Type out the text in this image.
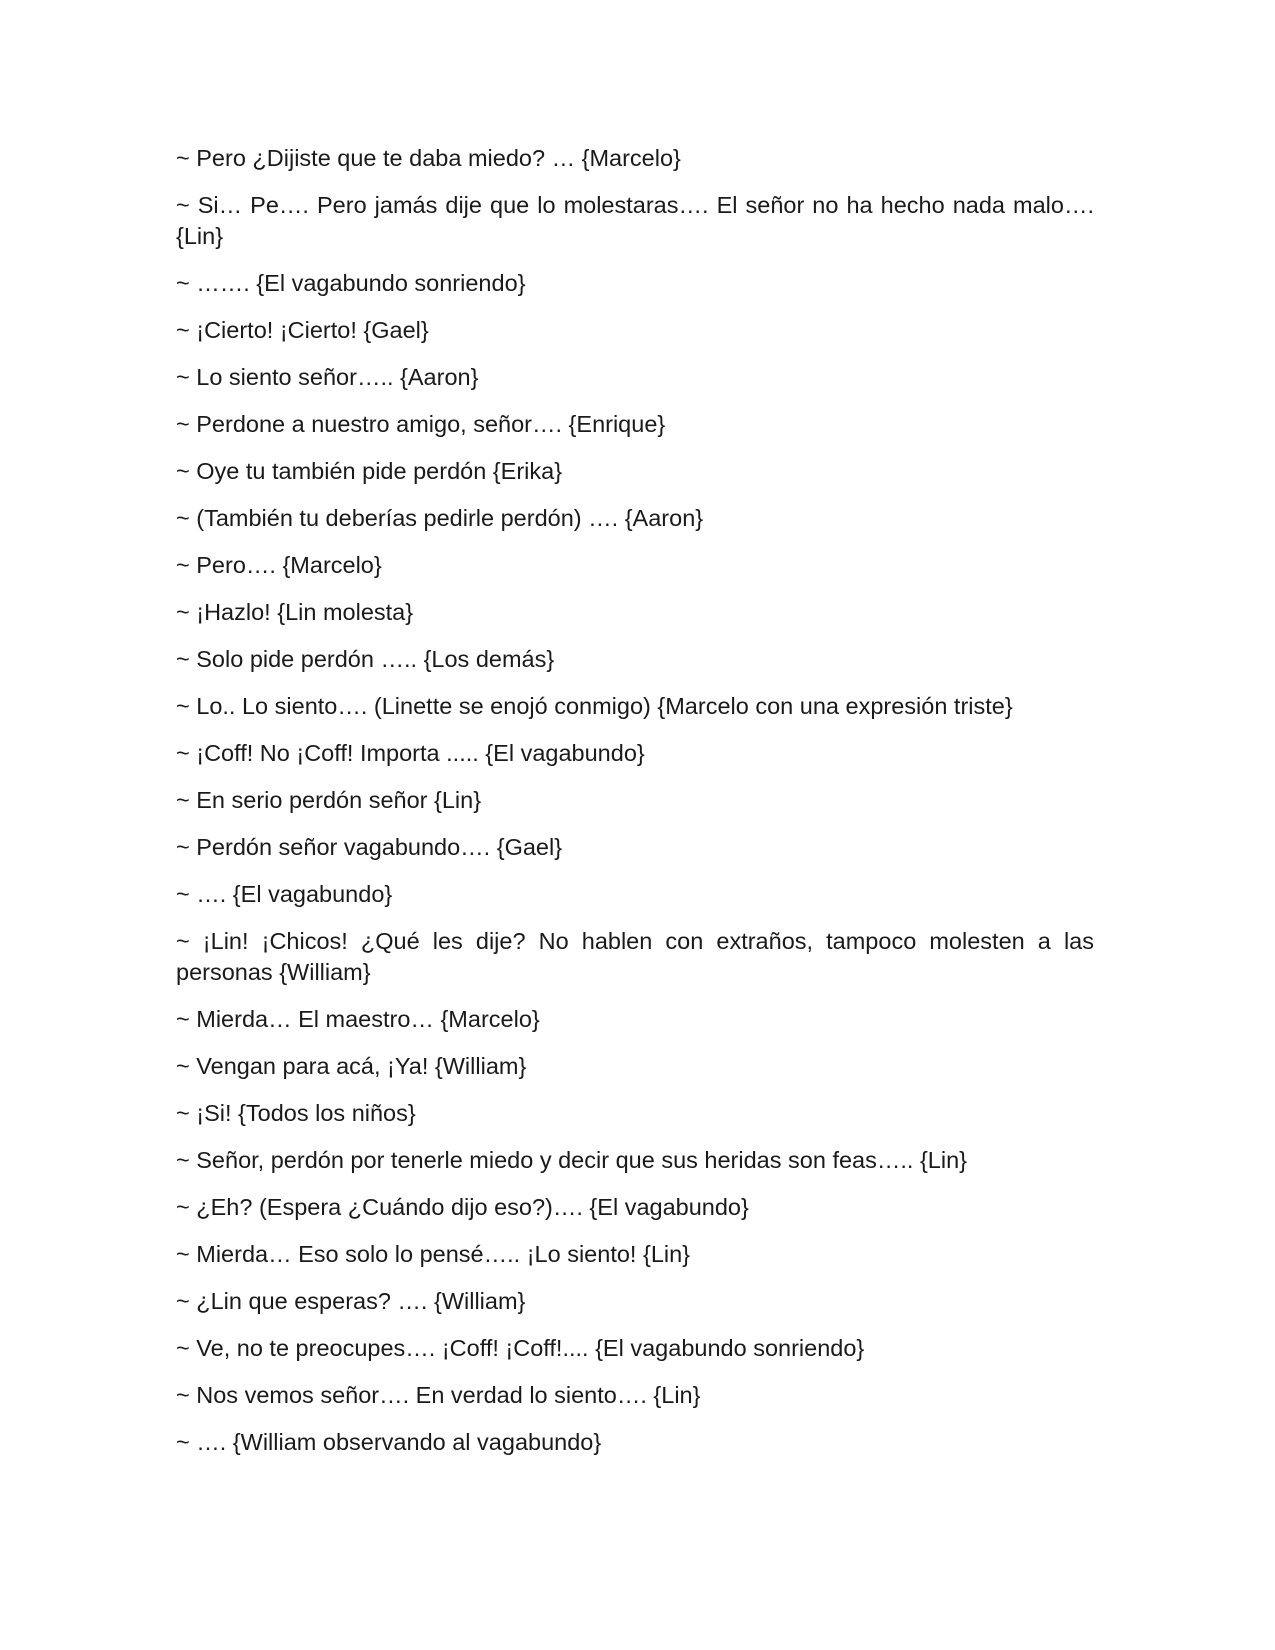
~ Pero ¿Dijiste que te daba miedo? … {Marcelo}

~ Si… Pe…. Pero jamás dije que lo molestaras…. El señor no ha hecho nada malo…. {Lin}

~ ……. {El vagabundo sonriendo}

~ ¡Cierto! ¡Cierto! {Gael}

~ Lo siento señor….. {Aaron}

~ Perdone a nuestro amigo, señor…. {Enrique}

~ Oye tu también pide perdón {Erika}

~ (También tu deberías pedirle perdón) …. {Aaron}

~ Pero…. {Marcelo}

~ ¡Hazlo! {Lin molesta}

~ Solo pide perdón ….. {Los demás}

~ Lo.. Lo siento…. (Linette se enojó conmigo) {Marcelo con una expresión triste}

~ ¡Coff! No ¡Coff! Importa ..... {El vagabundo}

~ En serio perdón señor {Lin}

~ Perdón señor vagabundo…. {Gael}

~ …. {El vagabundo}

~ ¡Lin! ¡Chicos! ¿Qué les dije? No hablen con extraños, tampoco molesten a las personas {William}

~ Mierda… El maestro… {Marcelo}

~ Vengan para acá, ¡Ya! {William}

~ ¡Si! {Todos los niños}

~ Señor, perdón por tenerle miedo y decir que sus heridas son feas….. {Lin}

~ ¿Eh? (Espera ¿Cuándo dijo eso?)…. {El vagabundo}

~ Mierda… Eso solo lo pensé….. ¡Lo siento! {Lin}

~ ¿Lin que esperas? …. {William}

~ Ve, no te preocupes…. ¡Coff! ¡Coff!.... {El vagabundo sonriendo}

~ Nos vemos señor…. En verdad lo siento…. {Lin}

~ …. {William observando al vagabundo}
